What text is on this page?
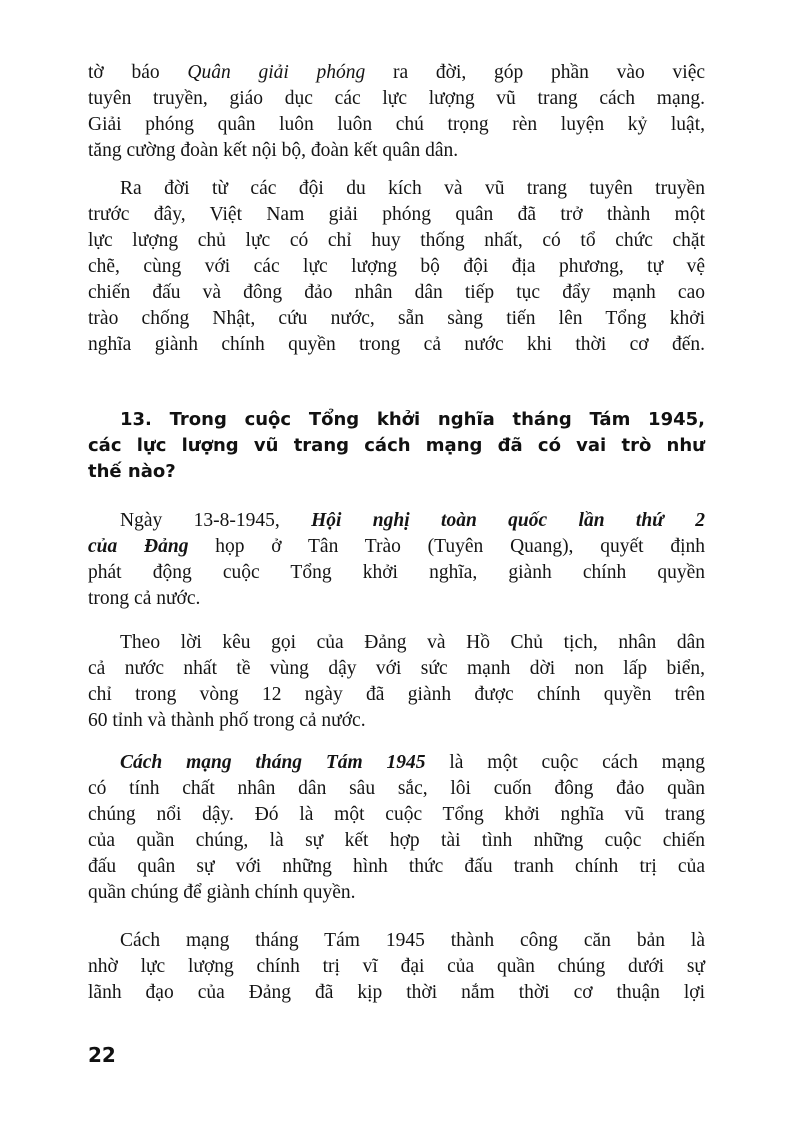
tờ báo Quân giải phóng ra đời, góp phần vào việc
tuyên truyền, giáo dục các lực lượng vũ trang cách mạng.
Giải phóng quân luôn luôn chú trọng rèn luyện kỷ luật,
tăng cường đoàn kết nội bộ, đoàn kết quân dân.
Ra đời từ các đội du kích và vũ trang tuyên truyền
trước đây, Việt Nam giải phóng quân đã trở thành một
lực lượng chủ lực có chỉ huy thống nhất, có tổ chức chặt
chẽ, cùng với các lực lượng bộ đội địa phương, tự vệ
chiến đấu và đông đảo nhân dân tiếp tục đẩy mạnh cao
trào chống Nhật, cứu nước, sẵn sàng tiến lên Tổng khởi
nghĩa giành chính quyền trong cả nước khi thời cơ đến.
13. Trong cuộc Tổng khởi nghĩa tháng Tám 1945,
các lực lượng vũ trang cách mạng đã có vai trò như
thế nào?
Ngày 13-8-1945, Hội nghị toàn quốc lần thứ 2
của Đảng họp ở Tân Trào (Tuyên Quang), quyết định
phát động cuộc Tổng khởi nghĩa, giành chính quyền
trong cả nước.
Theo lời kêu gọi của Đảng và Hồ Chủ tịch, nhân dân
cả nước nhất tề vùng dậy với sức mạnh dời non lấp biển,
chỉ trong vòng 12 ngày đã giành được chính quyền trên
60 tỉnh và thành phố trong cả nước.
Cách mạng tháng Tám 1945 là một cuộc cách mạng
có tính chất nhân dân sâu sắc, lôi cuốn đông đảo quần
chúng nổi dậy. Đó là một cuộc Tổng khởi nghĩa vũ trang
của quần chúng, là sự kết hợp tài tình những cuộc chiến
đấu quân sự với những hình thức đấu tranh chính trị của
quần chúng để giành chính quyền.
Cách mạng tháng Tám 1945 thành công căn bản là
nhờ lực lượng chính trị vĩ đại của quần chúng dưới sự
lãnh đạo của Đảng đã kịp thời nắm thời cơ thuận lợi
22
